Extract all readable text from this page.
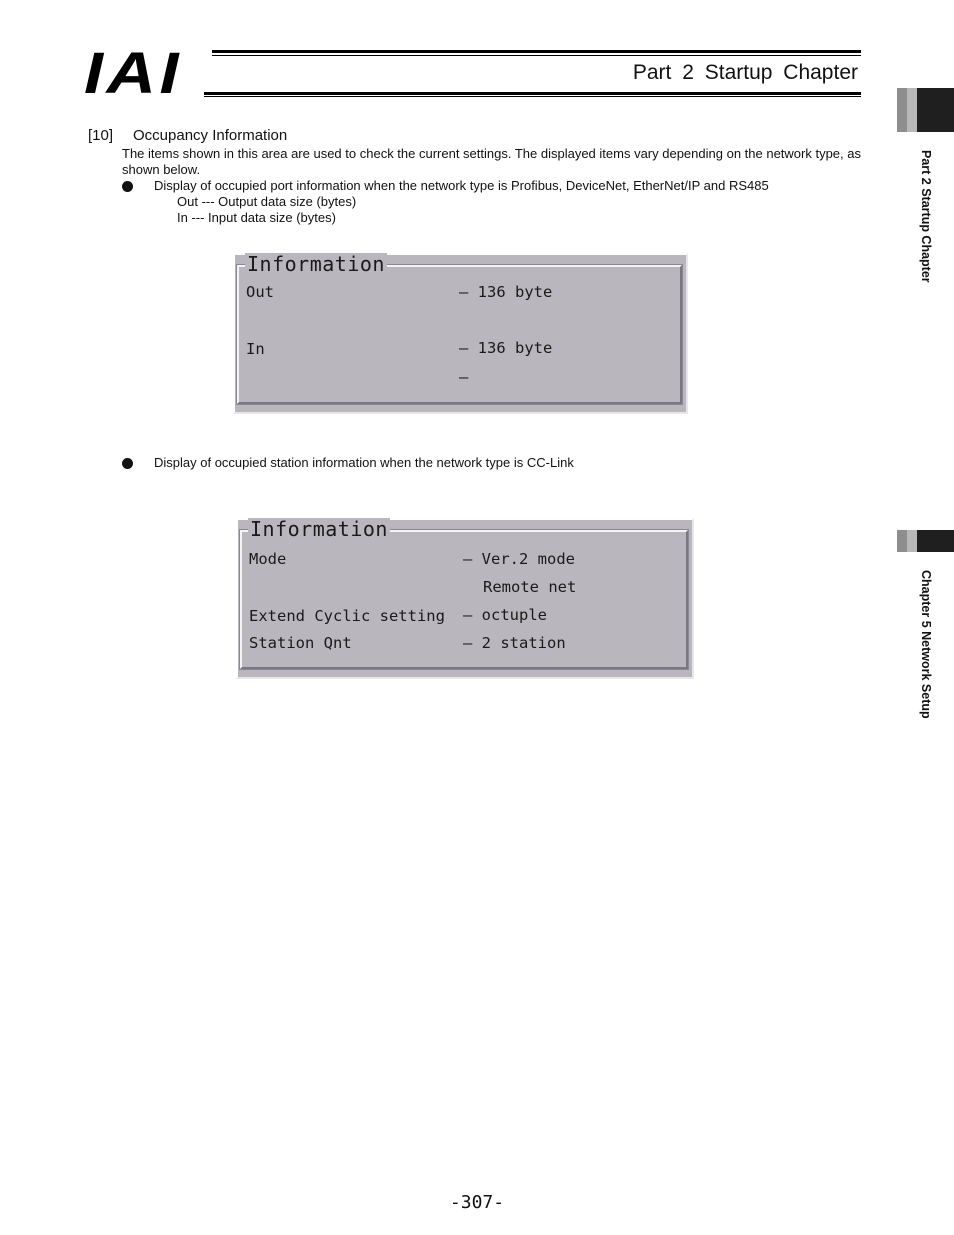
IAI	Part 2 Startup Chapter
Part 2 Startup Chapter
Chapter 5 Network Setup
[10] Occupancy Information
The items shown in this area are used to check the current settings. The displayed items vary depending on the network type, as shown below.
Display of occupied port information when the network type is Profibus, DeviceNet, EtherNet/IP and RS485
Out --- Output data size (bytes)
In --- Input data size (bytes)
Information
Out	– 136 byte
In	– 136 byte
–
Display of occupied station information when the network type is CC-Link
Information
Mode	– Ver.2 mode
Remote net
Extend Cyclic setting – octuple
Station Qnt	– 2 station
-307-
